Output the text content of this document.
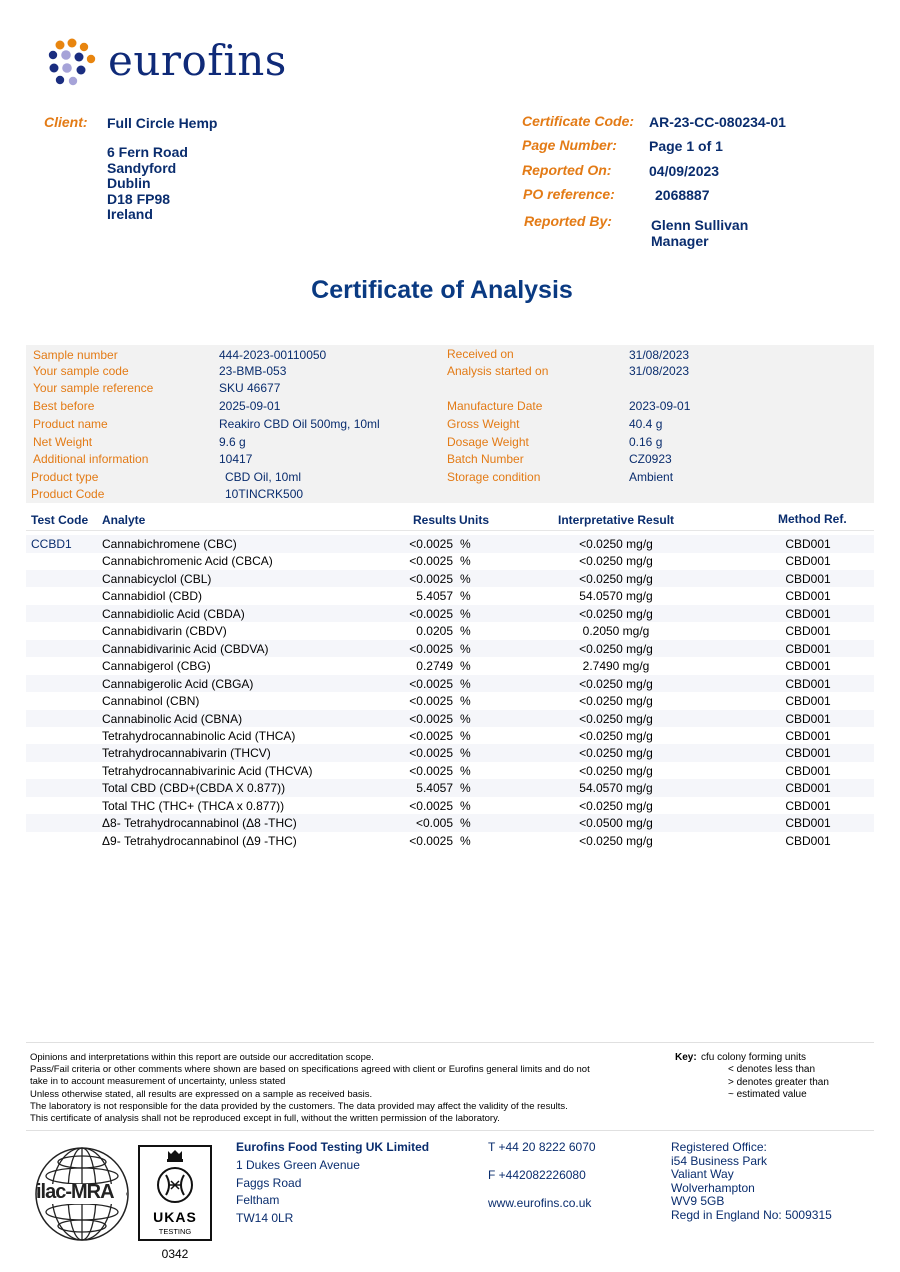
eurofins
Client: Full Circle Hemp
6 Fern Road
Sandyford
Dublin
D18 FP98
Ireland
Certificate Code: AR-23-CC-080234-01
Page Number: Page 1 of 1
Reported On:	04/09/2023
PO reference:	2068887
Reported By:	Glenn Sullivan
Manager
Certificate of Analysis
Sample number	444-2023-00110050
Your sample code	23-BMB-053
Your sample reference	SKU 46677
Best before	2025-09-01
Product name	Reakiro CBD Oil 500mg, 10ml
Net Weight	9.6 g
Additional information	10417
Product type	CBD Oil, 10ml
Product Code	10TINCRK500
Received on	31/08/2023
Analysis started on	31/08/2023
Manufacture Date	2023-09-01
Gross Weight	40.4 g
Dosage Weight	0.16 g
Batch Number	CZ0923
Storage condition	Ambient
Test Code Analyte	Results Units	Interpretative Result	Method Ref.
CCBD1	Cannabichromene (CBC)	<0.0025 %	<0.0250 mg/g	CBD001
Cannabichromenic Acid (CBCA)	<0.0025 %	<0.0250 mg/g	CBD001
Cannabicyclol (CBL)	<0.0025 %	<0.0250 mg/g	CBD001
Cannabidiol (CBD)	5.4057 %	54.0570 mg/g	CBD001
Cannabidiolic Acid (CBDA)	<0.0025 %	<0.0250 mg/g	CBD001
Cannabidivarin (CBDV)	0.0205 %	0.2050 mg/g	CBD001
Cannabidivarinic Acid (CBDVA)	<0.0025 %	<0.0250 mg/g	CBD001
Cannabigerol (CBG)	0.2749 %	2.7490 mg/g	CBD001
Cannabigerolic Acid (CBGA)	<0.0025 %	<0.0250 mg/g	CBD001
Cannabinol (CBN)	<0.0025 %	<0.0250 mg/g	CBD001
Cannabinolic Acid (CBNA)	<0.0025 %	<0.0250 mg/g	CBD001
Tetrahydrocannabinolic Acid (THCA)	<0.0025 %	<0.0250 mg/g	CBD001
Tetrahydrocannabivarin (THCV)	<0.0025 %	<0.0250 mg/g	CBD001
Tetrahydrocannabivarinic Acid (THCVA)	<0.0025 %	<0.0250 mg/g	CBD001
Total CBD (CBD+(CBDA X 0.877))	5.4057 %	54.0570 mg/g	CBD001
Total THC (THC+ (THCA x 0.877))	<0.0025 %	<0.0250 mg/g	CBD001
Δ8- Tetrahydrocannabinol (Δ8 -THC)	<0.005 %	<0.0500 mg/g	CBD001
Δ9- Tetrahydrocannabinol (Δ9 -THC)	<0.0025 %	<0.0250 mg/g	CBD001
Opinions and interpretations within this report are outside our accreditation scope.
Pass/Fail criteria or other comments where shown are based on specifications agreed with client or Eurofins general limits and do not
take in to account measurement of uncertainty, unless stated
Unless otherwise stated, all results are expressed on a sample as received basis.
The laboratory is not responsible for the data provided by the customers. The data provided may affect the validity of the results.
This certificate of analysis shall not be reproduced except in full, without the written permission of the laboratory.
Key: cfu colony forming units
< denotes less than
> denotes greater than
~ estimated value
ilac-MRA
UKAS
TESTING
0342
Eurofins Food Testing UK Limited
1 Dukes Green Avenue
Faggs Road
Feltham
TW14 0LR
T +44 20 8222 6070
F +442082226080
www.eurofins.co.uk
Registered Office:
i54 Business Park
Valiant Way
Wolverhampton
WV9 5GB
Regd in England No: 5009315
